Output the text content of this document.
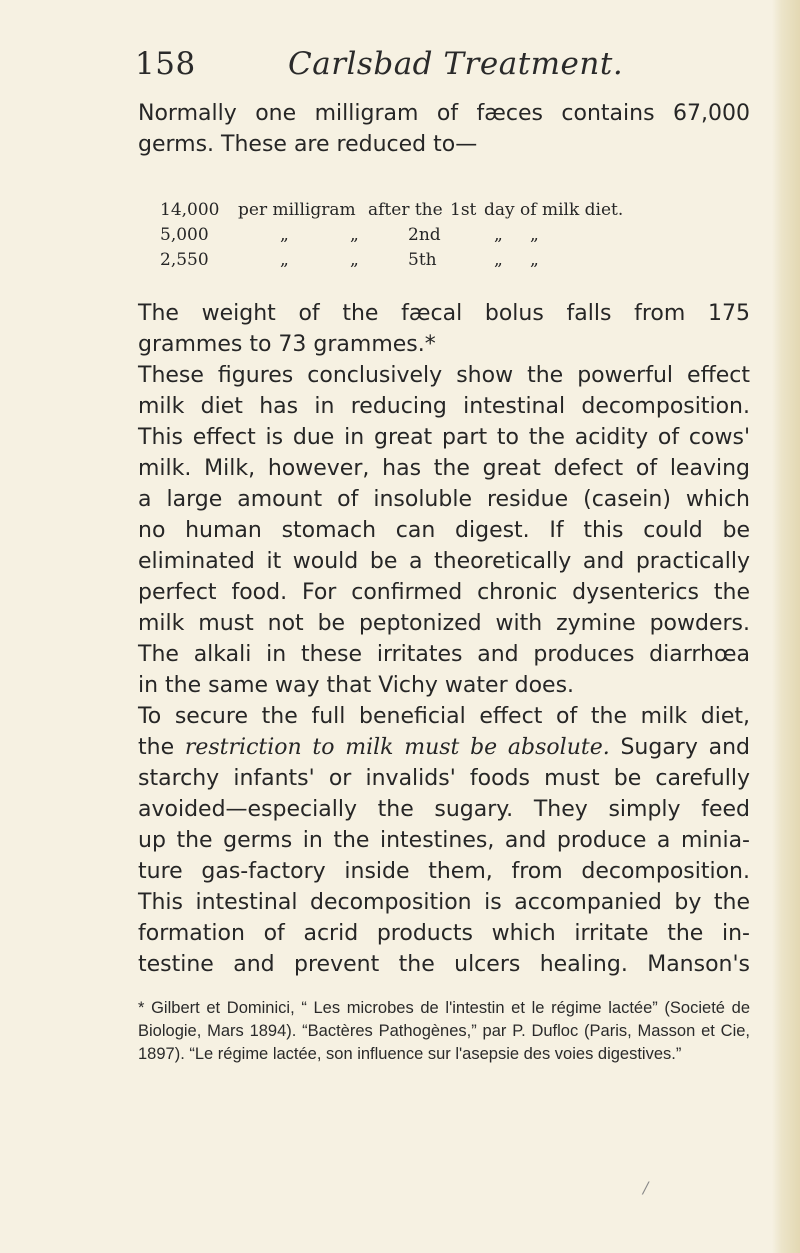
158	Carlsbad Treatment.
Normally one milligram of fæces contains 67,000
germs. These are reduced to—
14,000 per milligram after the 1st day of milk diet.
5,000	„	„	2nd	„ „
2,550	„	„	5th	„ „
The weight of the fæcal bolus falls from 175
grammes to 73 grammes.*
These figures conclusively show the powerful effect
milk diet has in reducing intestinal decomposition.
This effect is due in great part to the acidity of cows'
milk. Milk, however, has the great defect of leaving
a large amount of insoluble residue (casein) which
no human stomach can digest. If this could be
eliminated it would be a theoretically and practically
perfect food. For confirmed chronic dysenterics the
milk must not be peptonized with zymine powders.
The alkali in these irritates and produces diarrhœa
in the same way that Vichy water does.
To secure the full beneficial effect of the milk diet,
the restriction to milk must be absolute. Sugary and
starchy infants' or invalids' foods must be carefully
avoided—especially the sugary. They simply feed
up the germs in the intestines, and produce a minia-
ture gas-factory inside them, from decomposition.
This intestinal decomposition is accompanied by the
formation of acrid products which irritate the in-
testine and prevent the ulcers healing. Manson's
* Gilbert et Dominici, “ Les microbes de l'intestin et le régime lactée” (Societé de Biologie, Mars 1894). “Bactères Pathogènes,” par P. Dufloc (Paris, Masson et Cie, 1897). “Le régime lactée, son influence sur l'asepsie des voies digestives.”
/
